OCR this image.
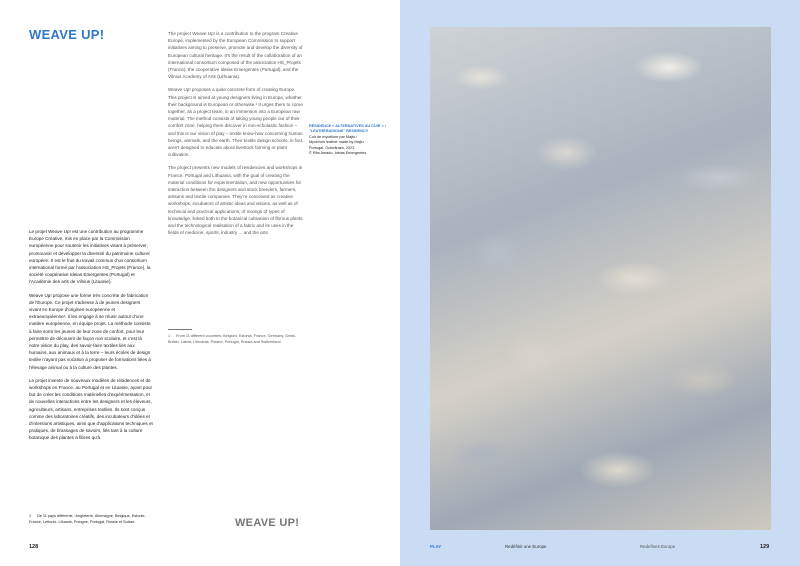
WEAVE UP!	The project Weave Up! is a contribution to the program Creative Europe, implemented by the European Commission to support initiatives aiming to preserve, promote and develop the diversity of European cultural heritage. It's the result of the collaboration of an international consortium composed of the association HS_Projets (France), the cooperative Ideias Emergentes (Portugal), and the Vilnius Academy of Arts (Lithuania).

Weave Up! proposes a quite concrete form of creating Europe. This project is aimed at young designers living in Europe, whether their background is European or otherwise.¹ It urges them to come together, as a project team, in an immersion into a European raw material. The method consists of taking young people out of their comfort zone, helping them discover in non-scholastic fashion – and this is our vision of play – textile know-how concerning human beings, animals, and the earth. Their textile design schools, in fact, aren't designed to educate about livestock farming or plant cultivation.

The project presents new models of residencies and workshops in France, Portugal and Lithuania, with the goal of creating the material conditions for experimentation, and new opportunities for interaction between the designers and stock breeders, farmers, artisans and textile companies. They're conceived as creative workshops, incubators of artistic ideas and visions, as well as of technical and practical applications, of mixings of types of knowledge, linked both to the botanical cultivation of fibrous plants and the technological realisation of a fabric and its uses in the fields of medicine, sports, industry ... and the arts.

1 From 11 different countries: Belgium, Estonia, France, Germany, Great-Britain, Latvia, Lithuania, Poland, Portugal, Russia and Switzerland.

Le projet Weave Up! est une contribution au programme Europe Créative, mis en place par la Commission européenne pour soutenir les initiatives visant à préserver, promouvoir et développer la diversité du patrimoine culturel européen. Il est le fruit du travail commun d'un consortium international formé par l'association HS_Projets (France), la société coopérative Ideias Emergentes (Portugal) et l'Académie des arts de Vilnius (Lituanie).

Weave Up! propose une forme très concrète de fabrication de l'Europe. Ce projet s'adresse à de jeunes designers vivant en Europe d'origines européenne et extraeuropéenne¹. Il les engage à se réunir autour d'une matière européenne, en équipe projet. La méthode consiste à faire sortir les jeunes de leur zone de confort, pour leur permettre de découvrir de façon non scolaire, et c'est là notre vision du play, des savoir-faire textiles liés aux humains, aux animaux et à la terre – leurs écoles de design textile n'ayant pas vocation à proposer de formations liées à l'élevage animal ou à la culture des plantes.

Le projet invente de nouveaux modèles de résidences et de workshops en France, au Portugal et en Lituanie, ayant pour but de créer les conditions matérielles d'expérimentation, et de nouvelles interactions entre les designers et les éleveurs, agriculteurs, artisans, entreprises textiles. Ils sont conçus comme des laboratoires créatifs, des incubateurs d'idées et d'intentions artistiques, ainsi que d'applications techniques et pratiques, de brassages de savoirs, liés tant à la culture botanique des plantes à fibres qu'à

1 De 11 pays différents : Angleterre, Allemagne, Belgique, Estonie, France, Lettonie, Lituanie, Pologne, Portugal, Russie et Suisse.	WEAVE UP!
128
RÉSIDENCE « ALTERNATIVES AU CUIR » / "LEATHERADIONS" RESIDENCY
Cuir de mycélium par Majtu /
Mycelium leather made by Majtu
Portugal, Guimãraes, 2023
© Rita Amado, Ideias Emergentes
PLAY	Redéfinir une Europe	Redefines Europe	129
